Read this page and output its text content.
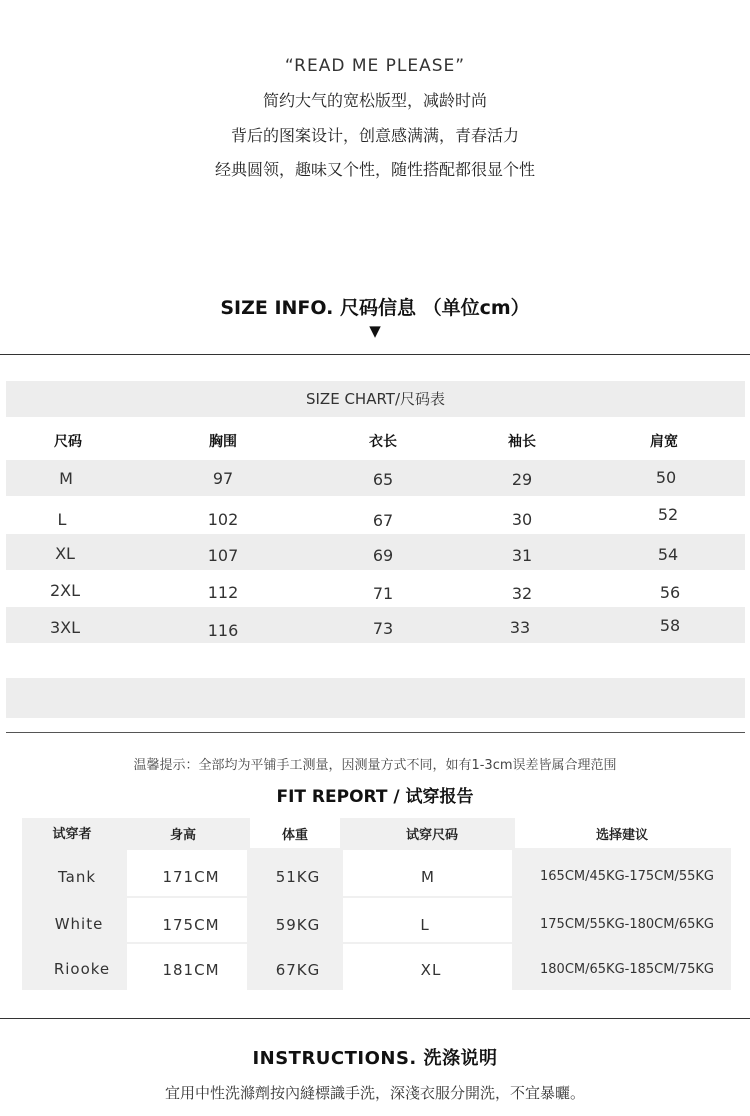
“READ ME PLEASE”
简约大气的宽松版型，减龄时尚
背后的图案设计，创意感满满，青春活力
经典圆领，趣味又个性，随性搭配都很显个性
SIZE INFO. 尺码信息 （单位cm）
▼
SIZE CHART/尺码表
尺码	胸围	衣长	袖长	肩宽
M	97	65	29	50
L	102	67	30	52
XL	107	69	31	54
2XL	112	71	32	56
3XL	116	73	33	58
温馨提示：全部均为平铺手工测量，因测量方式不同，如有1-3cm误差皆属合理范围
FIT REPORT / 试穿报告
试穿者	身高	体重	试穿尺码	选择建议
Tank	171CM	51KG	M	165CM/45KG-175CM/55KG
White	175CM	59KG	L	175CM/55KG-180CM/65KG
Riooke	181CM	67KG	XL	180CM/65KG-185CM/75KG
INSTRUCTIONS. 洗涤说明
宜用中性洗滌劑按內縫標識手洗，深淺衣服分開洗，不宜暴曬。
